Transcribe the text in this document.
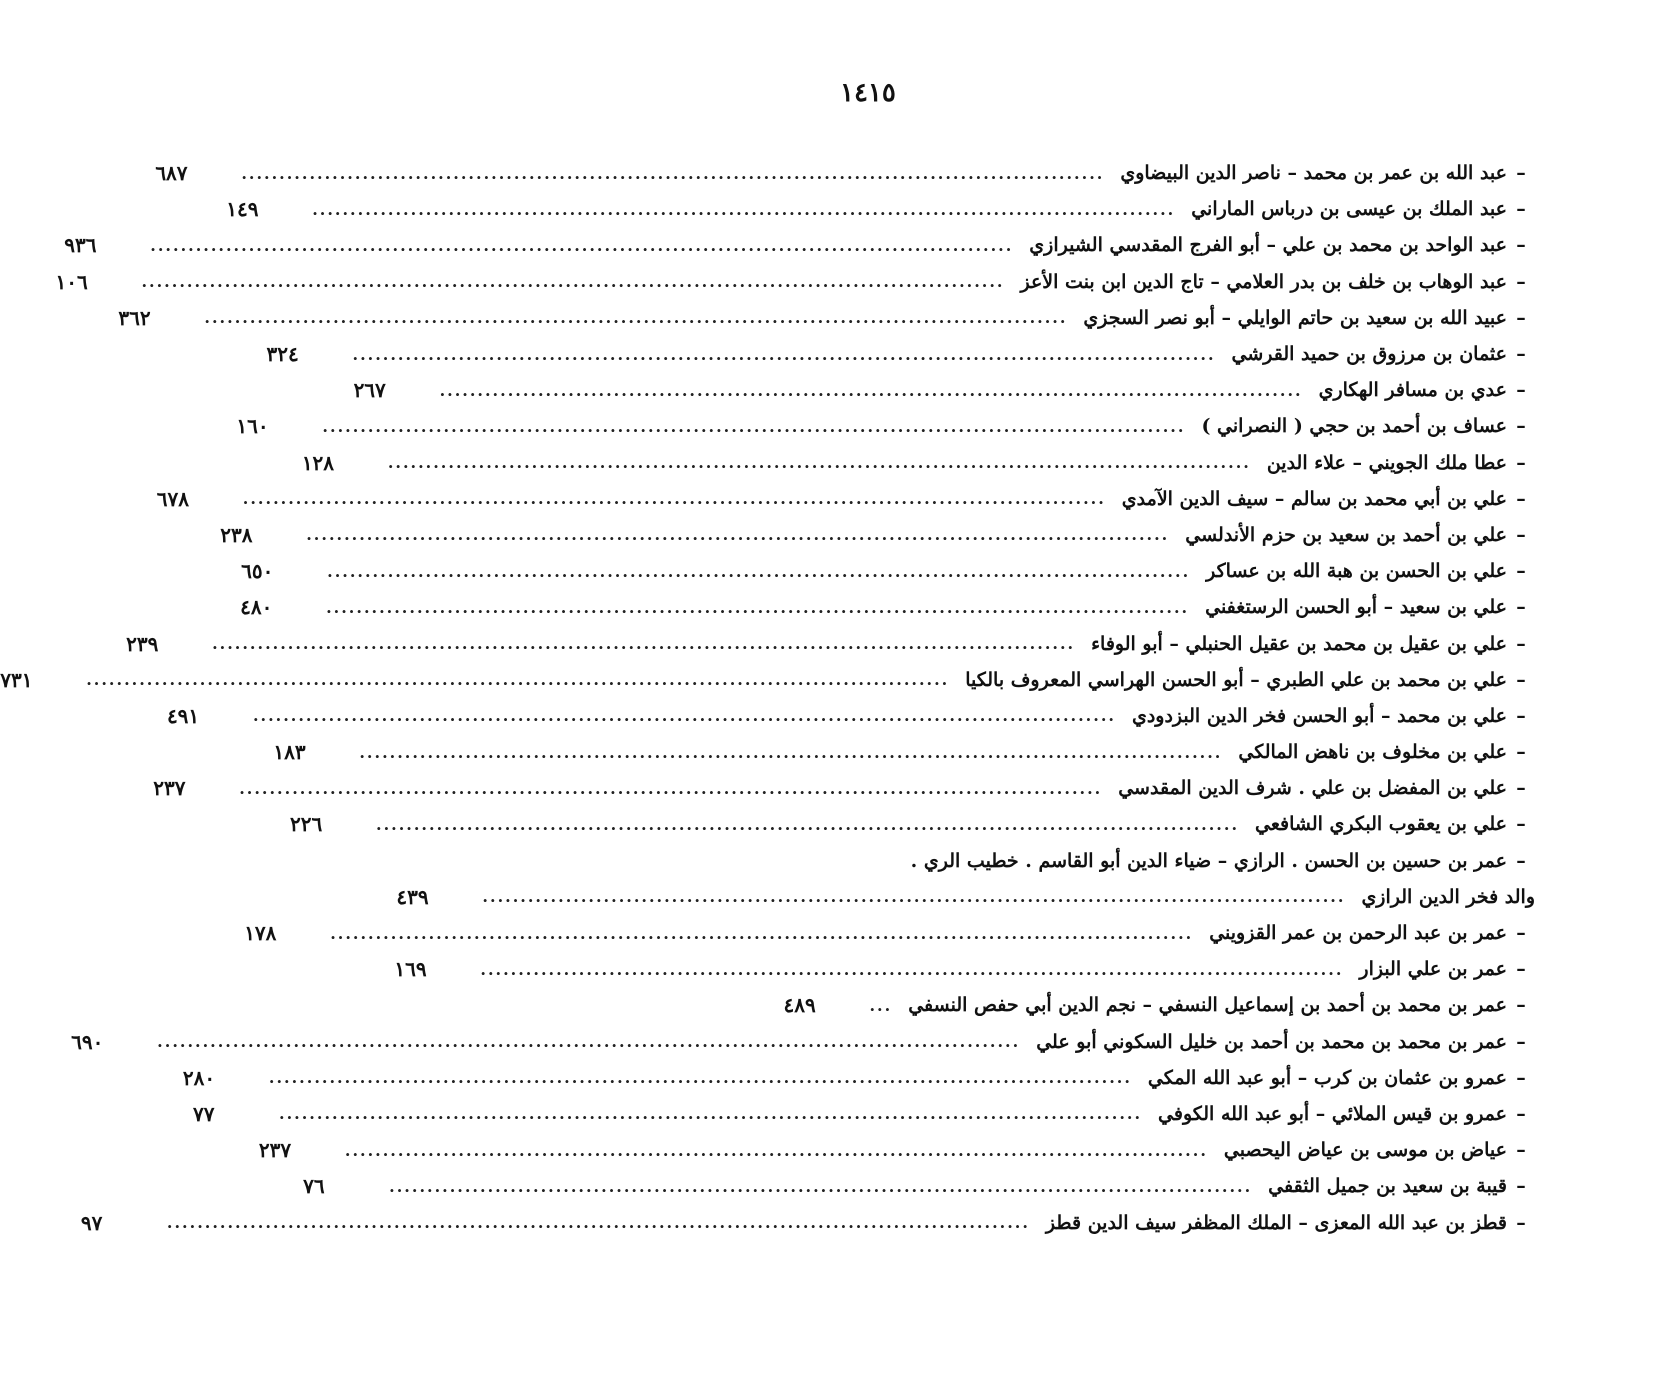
١٤١٥
–
عبد الله بن عمر بن محمد – ناصر الدين البيضاوي
.....
٦٨٧
–
عبد الملك بن عيسى بن درباس الماراني
.....
١٤٩
–
عبد الواحد بن محمد بن علي – أبو الفرج المقدسي الشيرازي
.....
٩٣٦
–
عبد الوهاب بن خلف بن بدر العلامي – تاج الدين ابن بنت الأعز
.....
١٠٦
–
عبيد الله بن سعيد بن حاتم الوايلي – أبو نصر السجزي
.....
٣٦٢
–
عثمان بن مرزوق بن حميد القرشي
.....
٣٢٤
–
عدي بن مسافر الهكاري
.....
٢٦٧
–
عساف بن أحمد بن حجي ( النصراني )
.....
١٦٠
–
عطا ملك الجويني – علاء الدين
.....
١٢٨
–
علي بن أبي محمد بن سالم – سيف الدين الآمدي
.....
٦٧٨
–
علي بن أحمد بن سعيد بن حزم الأندلسي
.....
٢٣٨
–
علي بن الحسن بن هبة الله بن عساكر
.....
٦٥٠
–
علي بن سعيد – أبو الحسن الرستغفني
.....
٤٨٠
–
علي بن عقيل بن محمد بن عقيل الحنبلي – أبو الوفاء
.....
٢٣٩
–
علي بن محمد بن علي الطبري – أبو الحسن الهراسي المعروف بالكيا
.....
٧٣١
–
علي بن محمد – أبو الحسن فخر الدين البزدودي
.....
٤٩١
–
علي بن مخلوف بن ناهض المالكي
.....
١٨٣
–
علي بن المفضل بن علي . شرف الدين المقدسي
.....
٢٣٧
–
علي بن يعقوب البكري الشافعي
.....
٢٢٦
–
عمر بن حسين بن الحسن . الرازي – ضياء الدين أبو القاسم . خطيب الري .
والد فخر الدين الرازي
.....
٤٣٩
–
عمر بن عبد الرحمن بن عمر القزويني
.....
١٧٨
–
عمر بن علي البزار
.....
١٦٩
–
عمر بن محمد بن أحمد بن إسماعيل النسفي – نجم الدين أبي حفص النسفي
...
٤٨٩
–
عمر بن محمد بن محمد بن أحمد بن خليل السكوني أبو علي
.....
٦٩٠
–
عمرو بن عثمان بن كرب – أبو عبد الله المكي
.....
٢٨٠
–
عمرو بن قيس الملائي – أبو عبد الله الكوفي
.....
٧٧
–
عياض بن موسى بن عياض اليحصبي
.....
٢٣٧
–
قيبة بن سعيد بن جميل الثقفي
.....
٧٦
–
قطز بن عبد الله المعزى – الملك المظفر سيف الدين قطز
.....
٩٧
